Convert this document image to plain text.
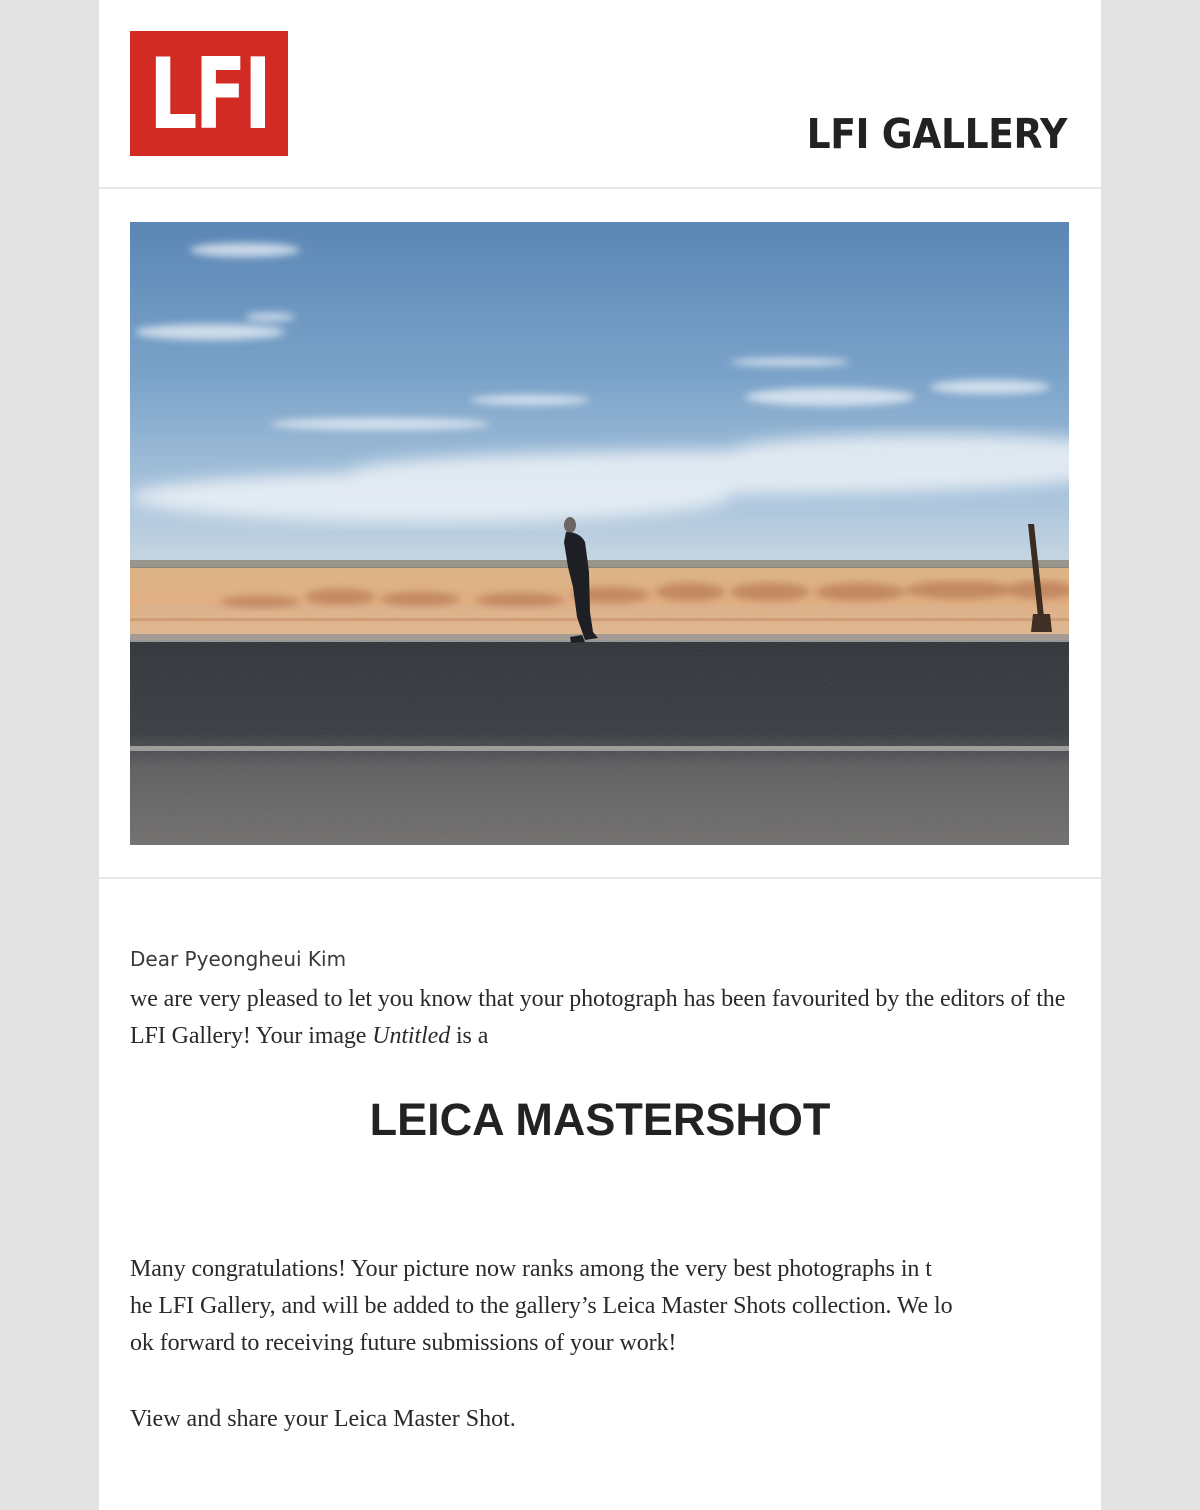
LFI	LFI GALLERY
Dear Pyeongheui Kim

we are very pleased to let you know that your photograph has been favourited by the editors of the LFI Gallery! Your image Untitled is a

LEICA MASTERSHOT

Many congratulations! Your picture now ranks among the very best photographs in t
he LFI Gallery, and will be added to the gallery’s Leica Master Shots collection. We lo
ok forward to receiving future submissions of your work!

View and share your Leica Master Shot.
